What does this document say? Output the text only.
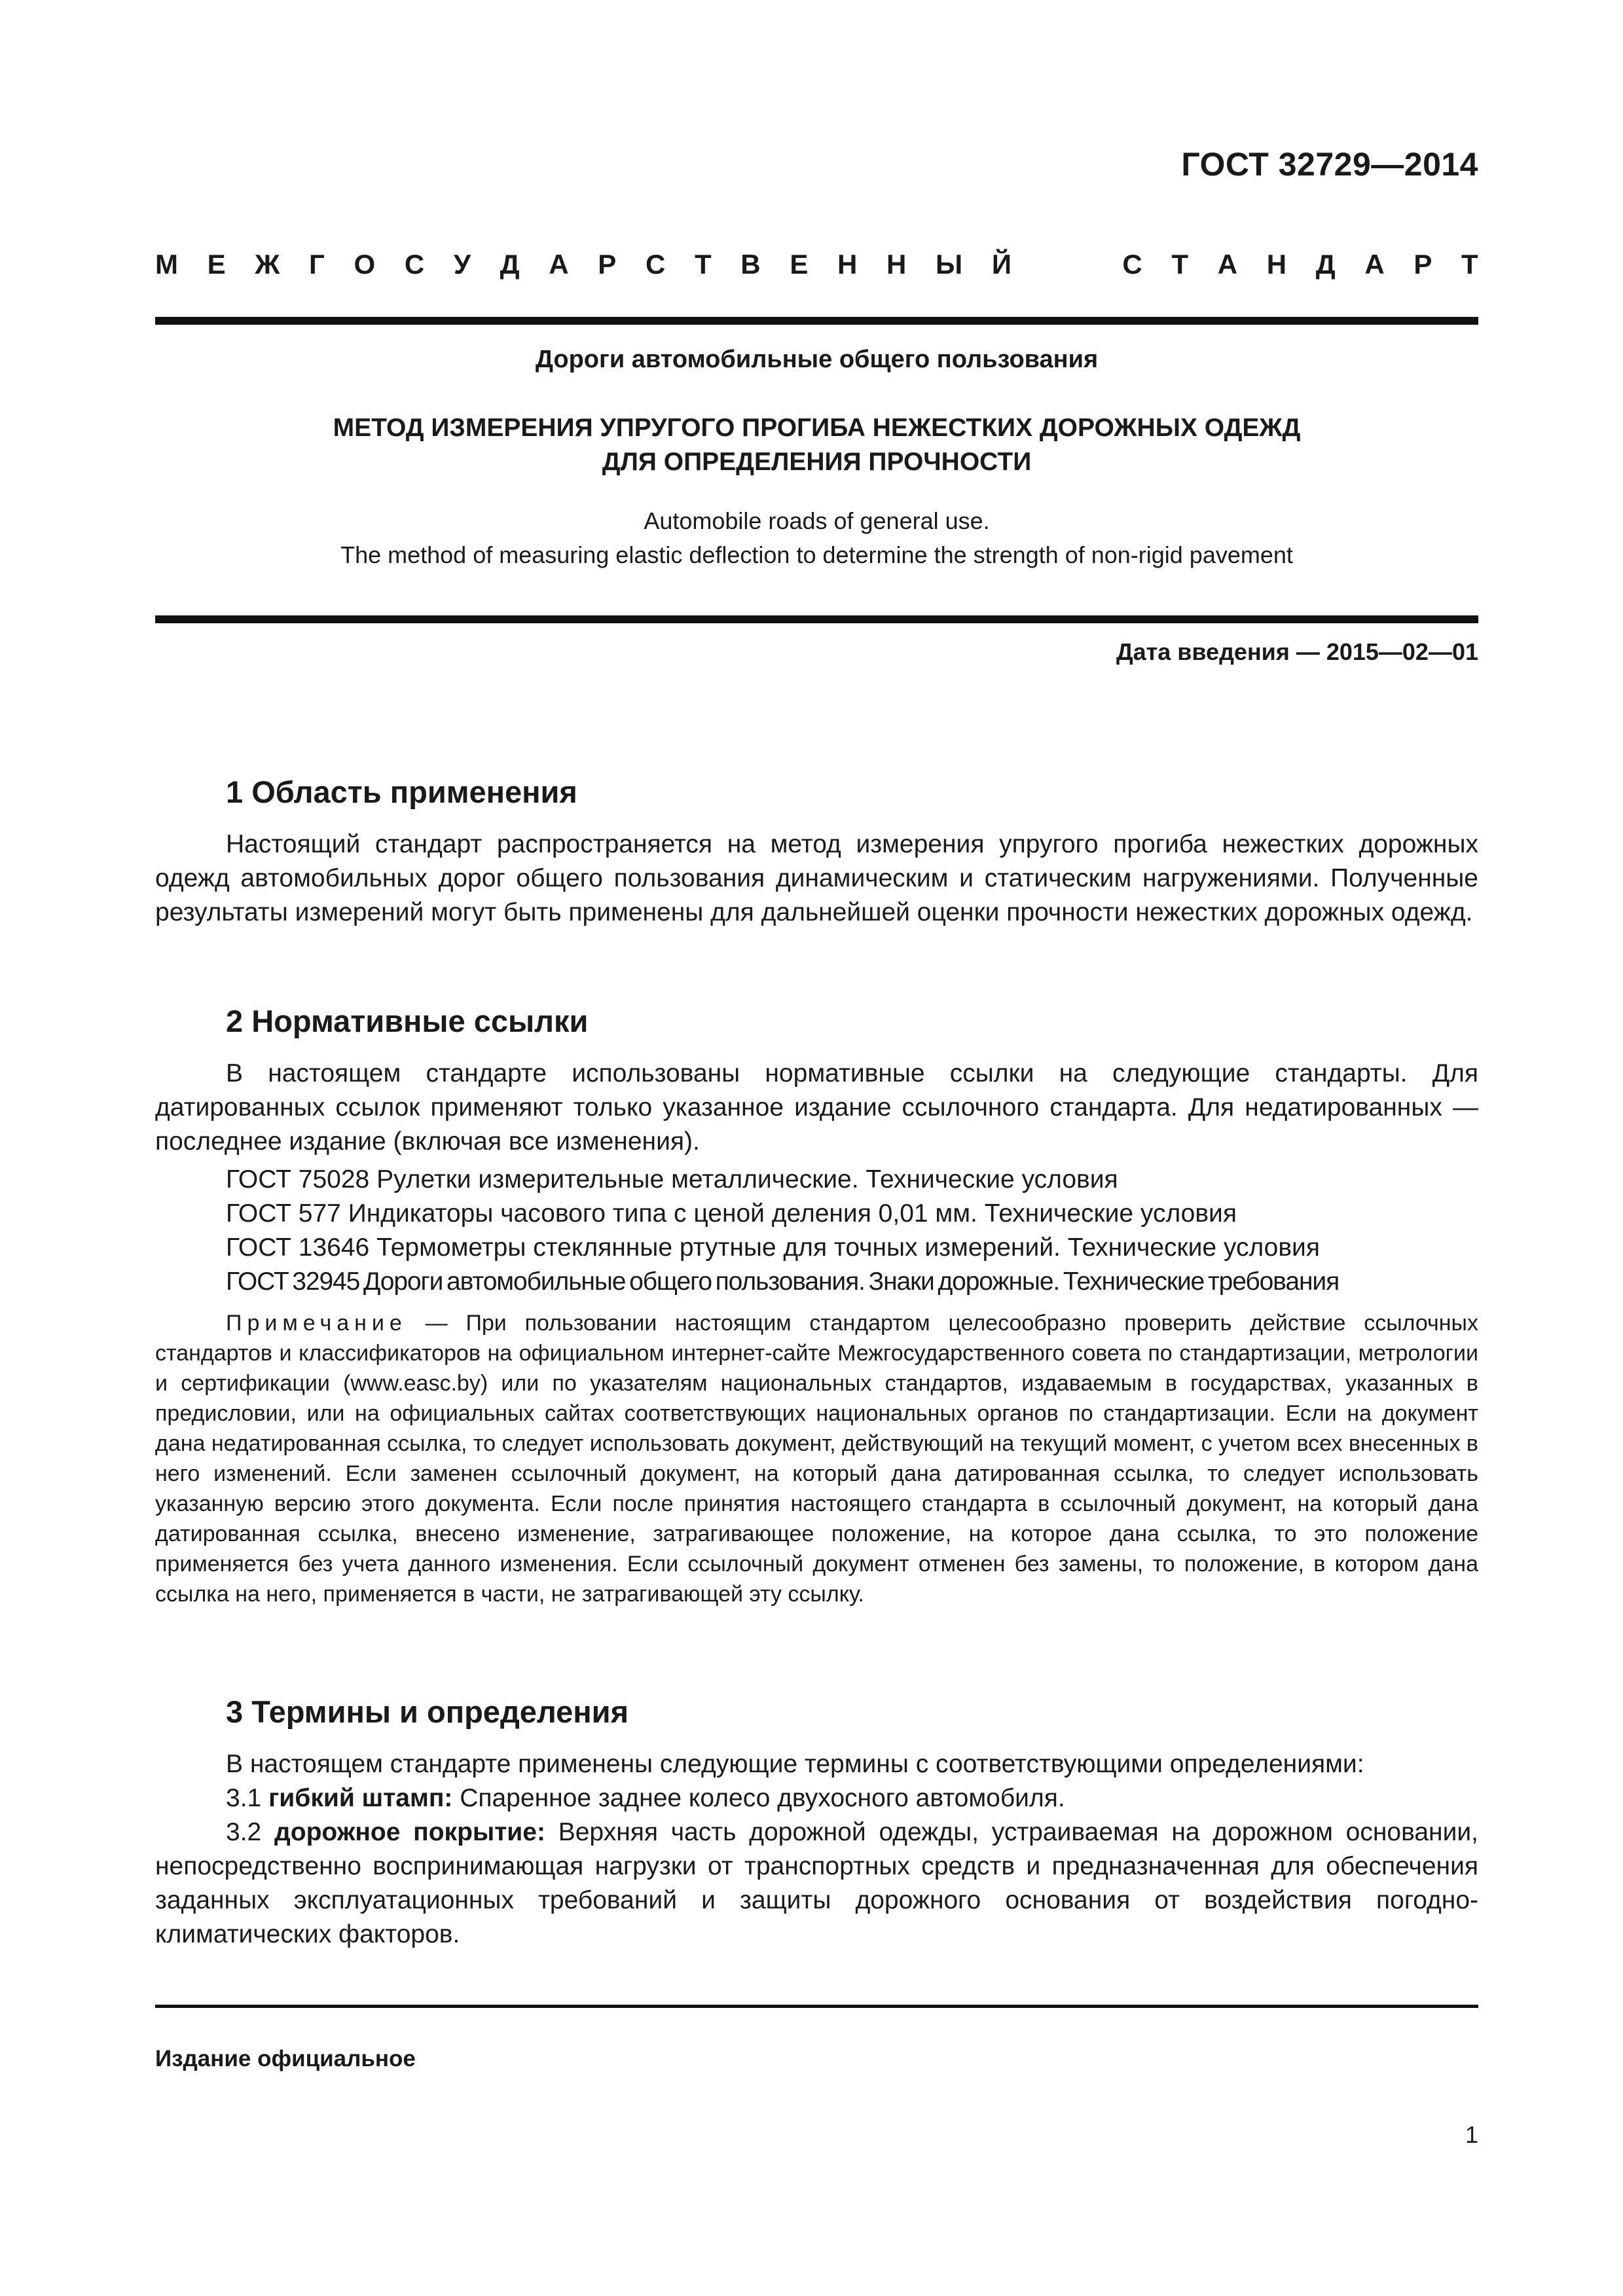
ГОСТ 32729—2014
М Е Ж Г О С У Д А Р С Т В Е Н Н Ы Й	С Т А Н Д А Р Т
Дороги автомобильные общего пользования
МЕТОД ИЗМЕРЕНИЯ УПРУГОГО ПРОГИБА НЕЖЕСТКИХ ДОРОЖНЫХ ОДЕЖД
ДЛЯ ОПРЕДЕЛЕНИЯ ПРОЧНОСТИ
Automobile roads of general use.
The method of measuring elastic deflection to determine the strength of non-rigid pavement
Дата введения — 2015—02—01
1 Область применения

Настоящий стандарт распространяется на метод измерения упругого прогиба нежестких дорожных одежд автомобильных дорог общего пользования динамическим и статическим нагружениями. Полученные результаты измерений могут быть применены для дальнейшей оценки прочности нежестких дорожных одежд.

2 Нормативные ссылки

В настоящем стандарте использованы нормативные ссылки на следующие стандарты. Для датированных ссылок применяют только указанное издание ссылочного стандарта. Для недатированных — последнее издание (включая все изменения).

ГОСТ 75028 Рулетки измерительные металлические. Технические условия

ГОСТ 577 Индикаторы часового типа с ценой деления 0,01 мм. Технические условия

ГОСТ 13646 Термометры стеклянные ртутные для точных измерений. Технические условия

ГОСТ 32945 Дороги автомобильные общего пользования. Знаки дорожные. Технические требования

Примечание — При пользовании настоящим стандартом целесообразно проверить действие ссылочных стандартов и классификаторов на официальном интернет-сайте Межгосударственного совета по стандартизации, метрологии и сертификации (www.easc.by) или по указателям национальных стандартов, издаваемым в государствах, указанных в предисловии, или на официальных сайтах соответствующих национальных органов по стандартизации. Если на документ дана недатированная ссылка, то следует использовать документ, действующий на текущий момент, с учетом всех внесенных в него изменений. Если заменен ссылочный документ, на который дана датированная ссылка, то следует использовать указанную версию этого документа. Если после принятия настоящего стандарта в ссылочный документ, на который дана датированная ссылка, внесено изменение, затрагивающее положение, на которое дана ссылка, то это положение применяется без учета данного изменения. Если ссылочный документ отменен без замены, то положение, в котором дана ссылка на него, применяется в части, не затрагивающей эту ссылку.

3 Термины и определения

В настоящем стандарте применены следующие термины с соответствующими определениями:

3.1 гибкий штамп: Спаренное заднее колесо двухосного автомобиля.

3.2 дорожное покрытие: Верхняя часть дорожной одежды, устраиваемая на дорожном основании, непосредственно воспринимающая нагрузки от транспортных средств и предназначенная для обеспечения заданных эксплуатационных требований и защиты дорожного основания от воздействия погодно-климатических факторов.

Издание официальное
1
